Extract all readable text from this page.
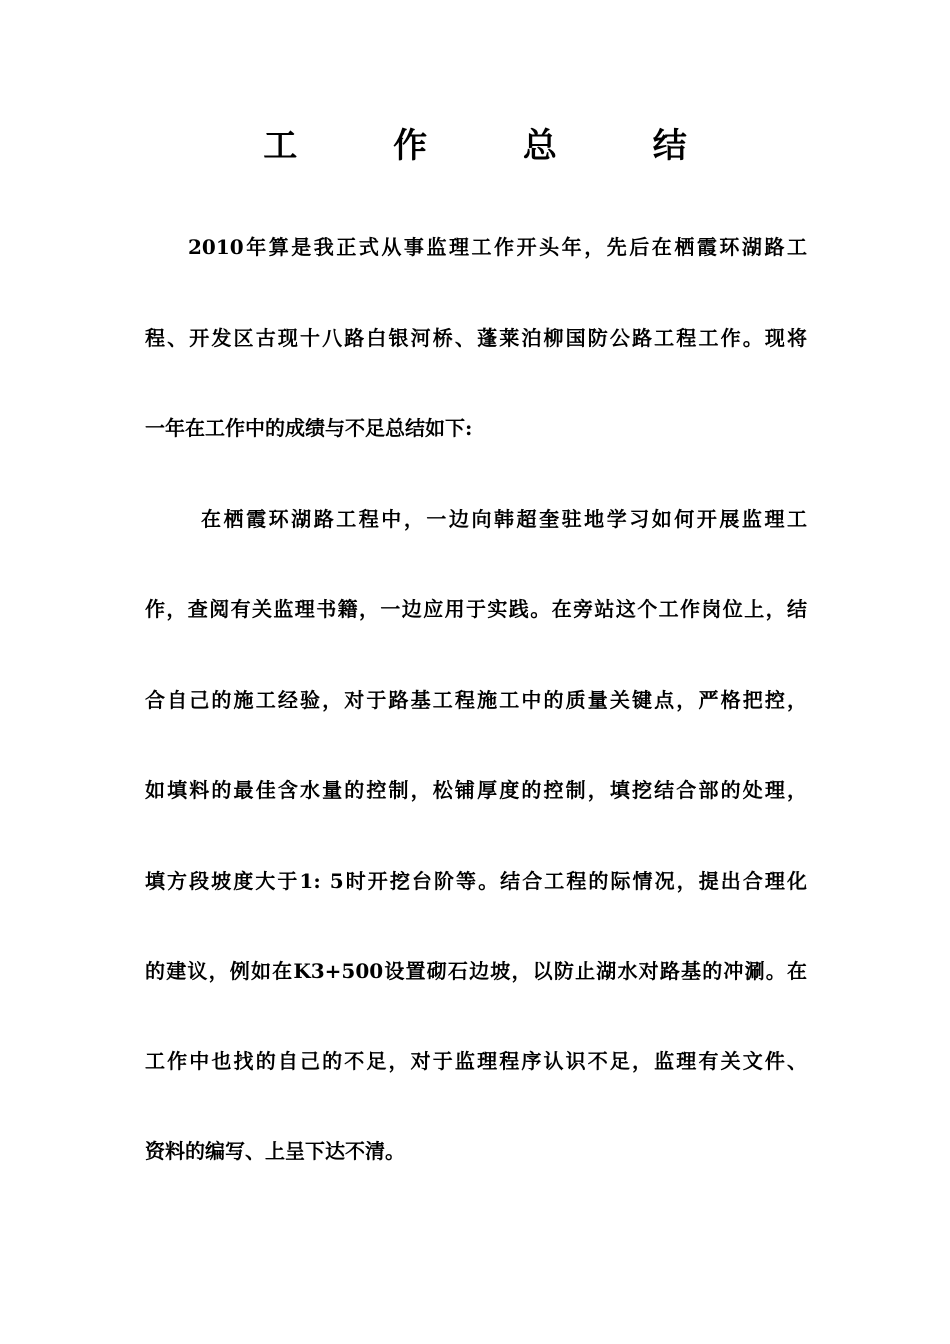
工 作 总 结

2010年算是我正式从事监理工作开头年，先后在栖霞环湖路工

程、开发区古现十八路白银河桥、蓬莱泊柳国防公路工程工作。现将

一年在工作中的成绩与不足总结如下:

在栖霞环湖路工程中，一边向韩超奎驻地学习如何开展监理工

作，查阅有关监理书籍，一边应用于实践。在旁站这个工作岗位上，结

合自己的施工经验，对于路基工程施工中的质量关键点，严格把控，

如填料的最佳含水量的控制，松铺厚度的控制，填挖结合部的处理，

填方段坡度大于1: 5时开挖台阶等。结合工程的际情况，提出合理化

的建议，例如在K3+500设置砌石边坡，以防止湖水对路基的冲涮。在

工作中也找的自己的不足，对于监理程序认识不足，监理有关文件、

资料的编写、上呈下达不清。
